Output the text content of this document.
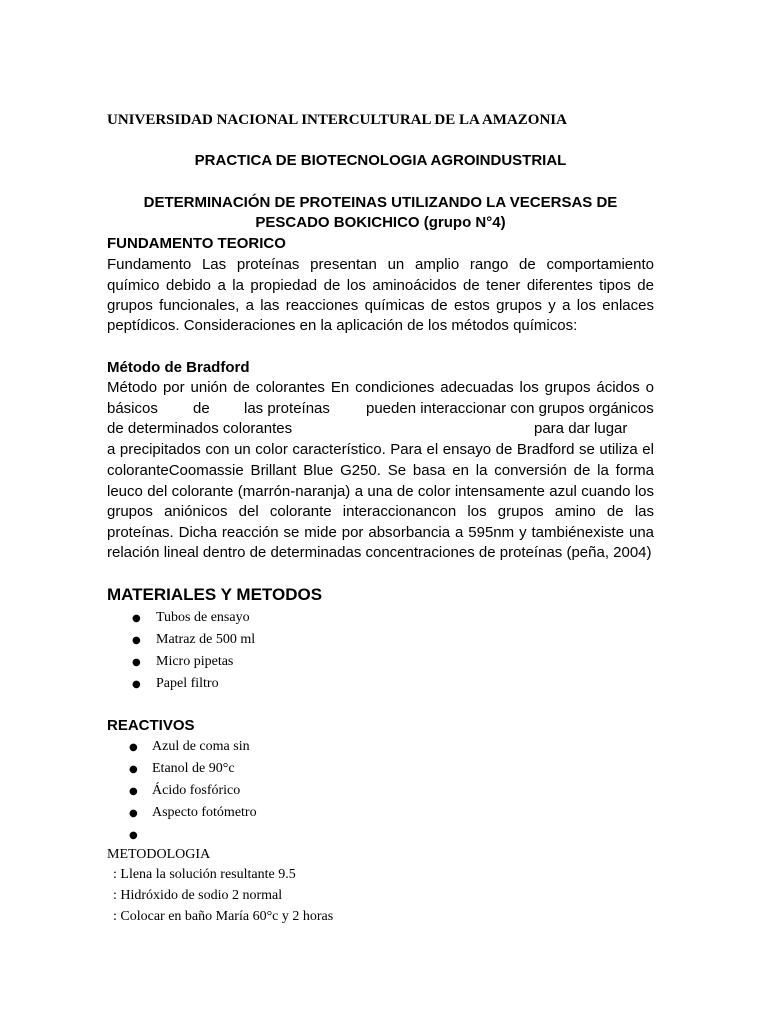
UNIVERSIDAD NACIONAL INTERCULTURAL DE LA AMAZONIA
PRACTICA DE BIOTECNOLOGIA AGROINDUSTRIAL
DETERMINACIÓN DE PROTEINAS UTILIZANDO LA VECERSAS DE
PESCADO BOKICHICO (grupo N°4)
FUNDAMENTO TEORICO
Fundamento Las proteínas presentan un amplio rango de comportamiento
químico debido a la propiedad de los aminoácidos de tener diferentes tipos de
grupos funcionales, a las reacciones químicas de estos grupos y a los enlaces
peptídicos. Consideraciones en la aplicación de los métodos químicos:
Método de Bradford
Método por unión de colorantes En condiciones adecuadas los grupos ácidos o
básicos de las proteínas pueden interaccionar con grupos orgánicos
de determinados colorantes	para dar lugar
a precipitados con un color característico. Para el ensayo de Bradford se utiliza el
coloranteCoomassie Brillant Blue G250. Se basa en la conversión de la forma
leuco del colorante (marrón-naranja) a una de color intensamente azul cuando los
grupos aniónicos del colorante interaccionancon los grupos amino de las
proteínas. Dicha reacción se mide por absorbancia a 595nm y tambiénexiste una
relación lineal dentro de determinadas concentraciones de proteínas (peña, 2004)
MATERIALES Y METODOS
● Tubos de ensayo
● Matraz de 500 ml
● Micro pipetas
● Papel filtro
REACTIVOS
● Azul de coma sin
● Etanol de 90°c
● Ácido fosfórico
● Aspecto fotómetro
●
METODOLOGIA
: Llena la solución resultante 9.5
: Hidróxido de sodio 2 normal
: Colocar en baño María 60°c y 2 horas
